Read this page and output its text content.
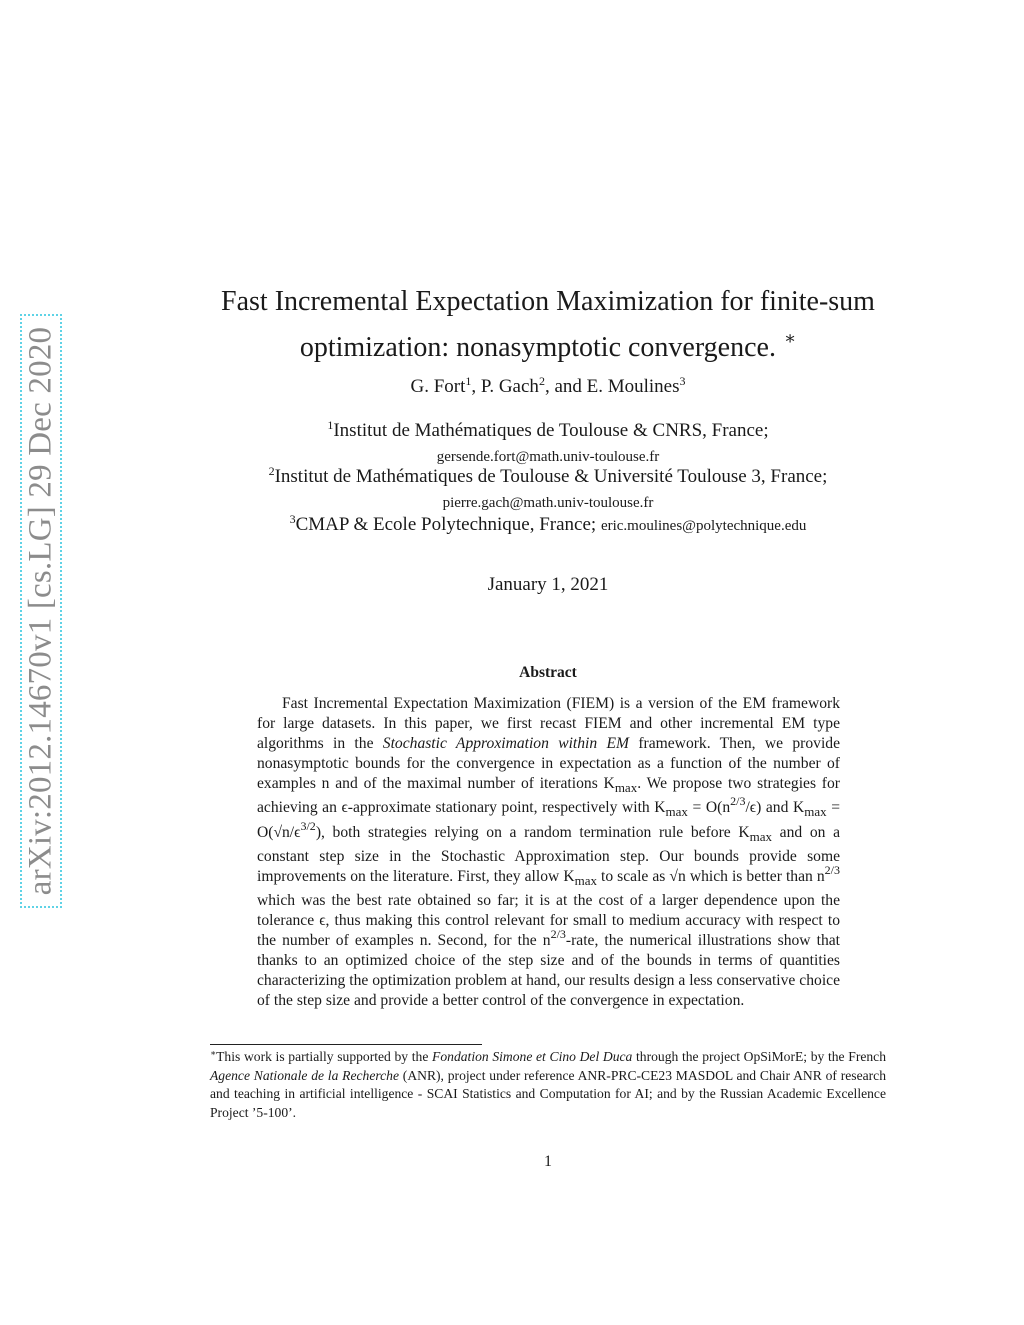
arXiv:2012.14670v1 [cs.LG] 29 Dec 2020
Fast Incremental Expectation Maximization for finite-sum
optimization: nonasymptotic convergence. ∗
G. Fort$^1$, P. Gach$^2$, and E. Moulines$^3$
$^1$Institut de Mathématiques de Toulouse & CNRS, France;
gersende.fort@math.univ-toulouse.fr
$^2$Institut de Mathématiques de Toulouse & Université Toulouse 3, France;
pierre.gach@math.univ-toulouse.fr
$^3$CMAP & Ecole Polytechnique, France; eric.moulines@polytechnique.edu
January 1, 2021
Abstract

Fast Incremental Expectation Maximization (FIEM) is a version of the EM framework for large datasets. In this paper, we first recast FIEM and other incremental EM type algorithms in the Stochastic Approximation within EM framework. Then, we provide nonasymptotic bounds for the convergence in expectation as a function of the number of examples n and of the maximal number of iterations $K_{max}$. We propose two strategies for achieving an ϵ-approximate stationary point, respectively with $K_{max} = O(n^{2/3}/\epsilon)$ and $K_{max} = O(√n/\epsilon^{3/2})$, both strategies relying on a random termination rule before $K_{max}$ and on a constant step size in the Stochastic Approximation step. Our bounds provide some improvements on the literature. First, they allow $K_{max}$ to scale as √n which is better than $n^{2/3}$ which was the best rate obtained so far; it is at the cost of a larger dependence upon the tolerance ϵ, thus making this control relevant for small to medium accuracy with respect to the number of examples n. Second, for the $n^{2/3}$-rate, the numerical illustrations show that thanks to an optimized choice of the step size and of the bounds in terms of quantities characterizing the optimization problem at hand, our results design a less conservative choice of the step size and provide a better control of the convergence in expectation.

∗This work is partially supported by the Fondation Simone et Cino Del Duca through the project OpSiMorE; by the French Agence Nationale de la Recherche (ANR), project under reference ANR-PRC-CE23 MASDOL and Chair ANR of research and teaching in artificial intelligence - SCAI Statistics and Computation for AI; and by the Russian Academic Excellence Project ’5-100’.

1
